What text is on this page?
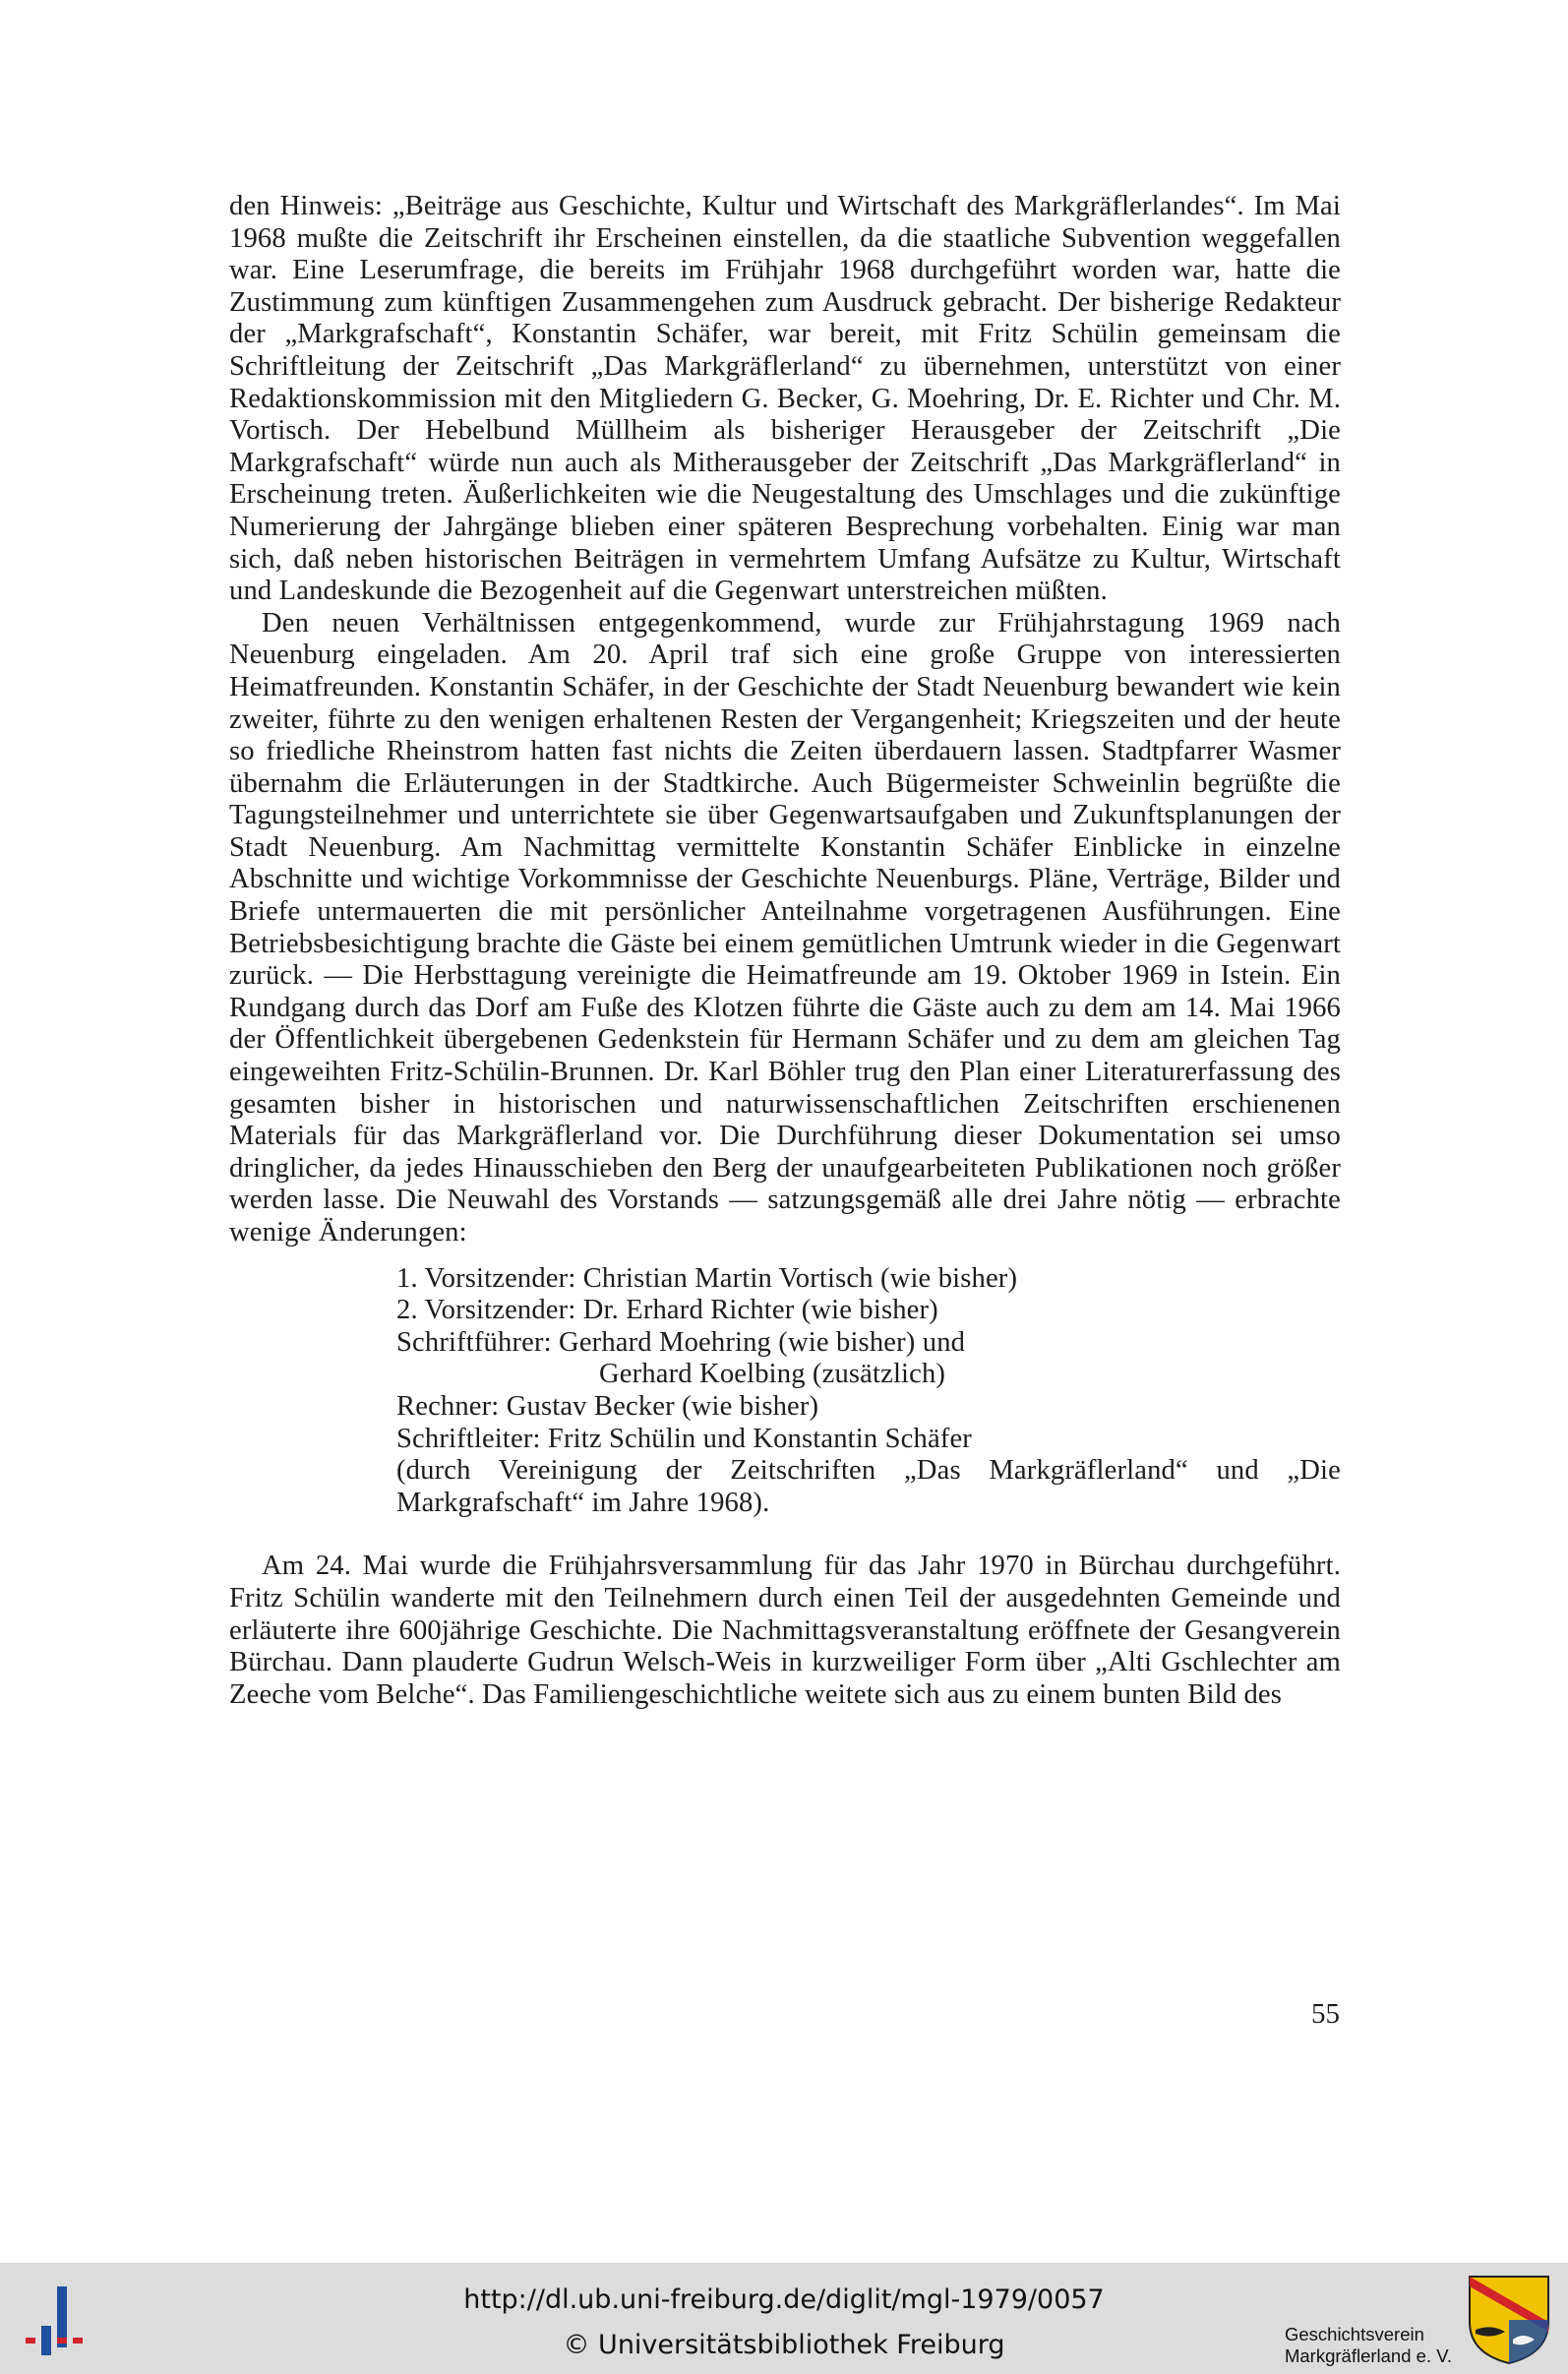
den Hinweis: „Beiträge aus Geschichte, Kultur und Wirtschaft des Markgräflerlandes“. Im Mai 1968 mußte die Zeitschrift ihr Erscheinen einstellen, da die staatliche Subvention weggefallen war. Eine Leserumfrage, die bereits im Frühjahr 1968 durchgeführt worden war, hatte die Zustimmung zum künftigen Zusammengehen zum Ausdruck gebracht. Der bisherige Redakteur der „Markgrafschaft“, Konstantin Schäfer, war bereit, mit Fritz Schülin gemeinsam die Schriftleitung der Zeitschrift „Das Markgräflerland“ zu übernehmen, unterstützt von einer Redaktionskommission mit den Mitgliedern G. Becker, G. Moehring, Dr. E. Richter und Chr. M. Vortisch. Der Hebelbund Müllheim als bisheriger Herausgeber der Zeitschrift „Die Markgrafschaft“ würde nun auch als Mitherausgeber der Zeitschrift „Das Markgräflerland“ in Erscheinung treten. Äußerlichkeiten wie die Neugestaltung des Umschlages und die zukünftige Numerierung der Jahrgänge blieben einer späteren Besprechung vorbehalten. Einig war man sich, daß neben historischen Beiträgen in vermehrtem Umfang Aufsätze zu Kultur, Wirtschaft und Landeskunde die Bezogenheit auf die Gegenwart unterstreichen müßten.

Den neuen Verhältnissen entgegenkommend, wurde zur Frühjahrstagung 1969 nach Neuenburg eingeladen. Am 20. April traf sich eine große Gruppe von interessierten Heimatfreunden. Konstantin Schäfer, in der Geschichte der Stadt Neuenburg bewandert wie kein zweiter, führte zu den wenigen erhaltenen Resten der Vergangenheit; Kriegszeiten und der heute so friedliche Rheinstrom hatten fast nichts die Zeiten überdauern lassen. Stadtpfarrer Wasmer übernahm die Erläuterungen in der Stadtkirche. Auch Bügermeister Schweinlin begrüßte die Tagungsteilnehmer und unterrichtete sie über Gegenwartsaufgaben und Zukunftsplanungen der Stadt Neuenburg. Am Nachmittag vermittelte Konstantin Schäfer Einblicke in einzelne Abschnitte und wichtige Vorkommnisse der Geschichte Neuenburgs. Pläne, Verträge, Bilder und Briefe untermauerten die mit persönlicher Anteilnahme vorgetragenen Ausführungen. Eine Betriebsbesichtigung brachte die Gäste bei einem gemütlichen Umtrunk wieder in die Gegenwart zurück. — Die Herbsttagung vereinigte die Heimatfreunde am 19. Oktober 1969 in Istein. Ein Rundgang durch das Dorf am Fuße des Klotzen führte die Gäste auch zu dem am 14. Mai 1966 der Öffentlichkeit übergebenen Gedenkstein für Hermann Schäfer und zu dem am gleichen Tag eingeweihten Fritz-Schülin-Brunnen. Dr. Karl Böhler trug den Plan einer Literaturerfassung des gesamten bisher in historischen und naturwissenschaftlichen Zeitschriften erschienenen Materials für das Markgräflerland vor. Die Durchführung dieser Dokumentation sei umso dringlicher, da jedes Hinausschieben den Berg der unaufgearbeiteten Publikationen noch größer werden lasse. Die Neuwahl des Vorstands — satzungsgemäß alle drei Jahre nötig — erbrachte wenige Änderungen:

1. Vorsitzender: Christian Martin Vortisch (wie bisher)
2. Vorsitzender: Dr. Erhard Richter (wie bisher)
Schriftführer: Gerhard Moehring (wie bisher) und
Gerhard Koelbing (zusätzlich)
Rechner: Gustav Becker (wie bisher)
Schriftleiter: Fritz Schülin und Konstantin Schäfer
(durch Vereinigung der Zeitschriften „Das Markgräflerland“ und „Die Markgrafschaft“ im Jahre 1968).

Am 24. Mai wurde die Frühjahrsversammlung für das Jahr 1970 in Bürchau durchgeführt. Fritz Schülin wanderte mit den Teilnehmern durch einen Teil der ausgedehnten Gemeinde und erläuterte ihre 600jährige Geschichte. Die Nachmittagsveranstaltung eröffnete der Gesangverein Bürchau. Dann plauderte Gudrun Welsch-Weis in kurzweiliger Form über „Alti Gschlechter am Zeeche vom Belche“. Das Familiengeschichtliche weitete sich aus zu einem bunten Bild des

55
http://dl.ub.uni-freiburg.de/diglit/mgl-1979/0057
© Universitätsbibliothek Freiburg	Geschichtsverein
Markgräflerland e. V.
